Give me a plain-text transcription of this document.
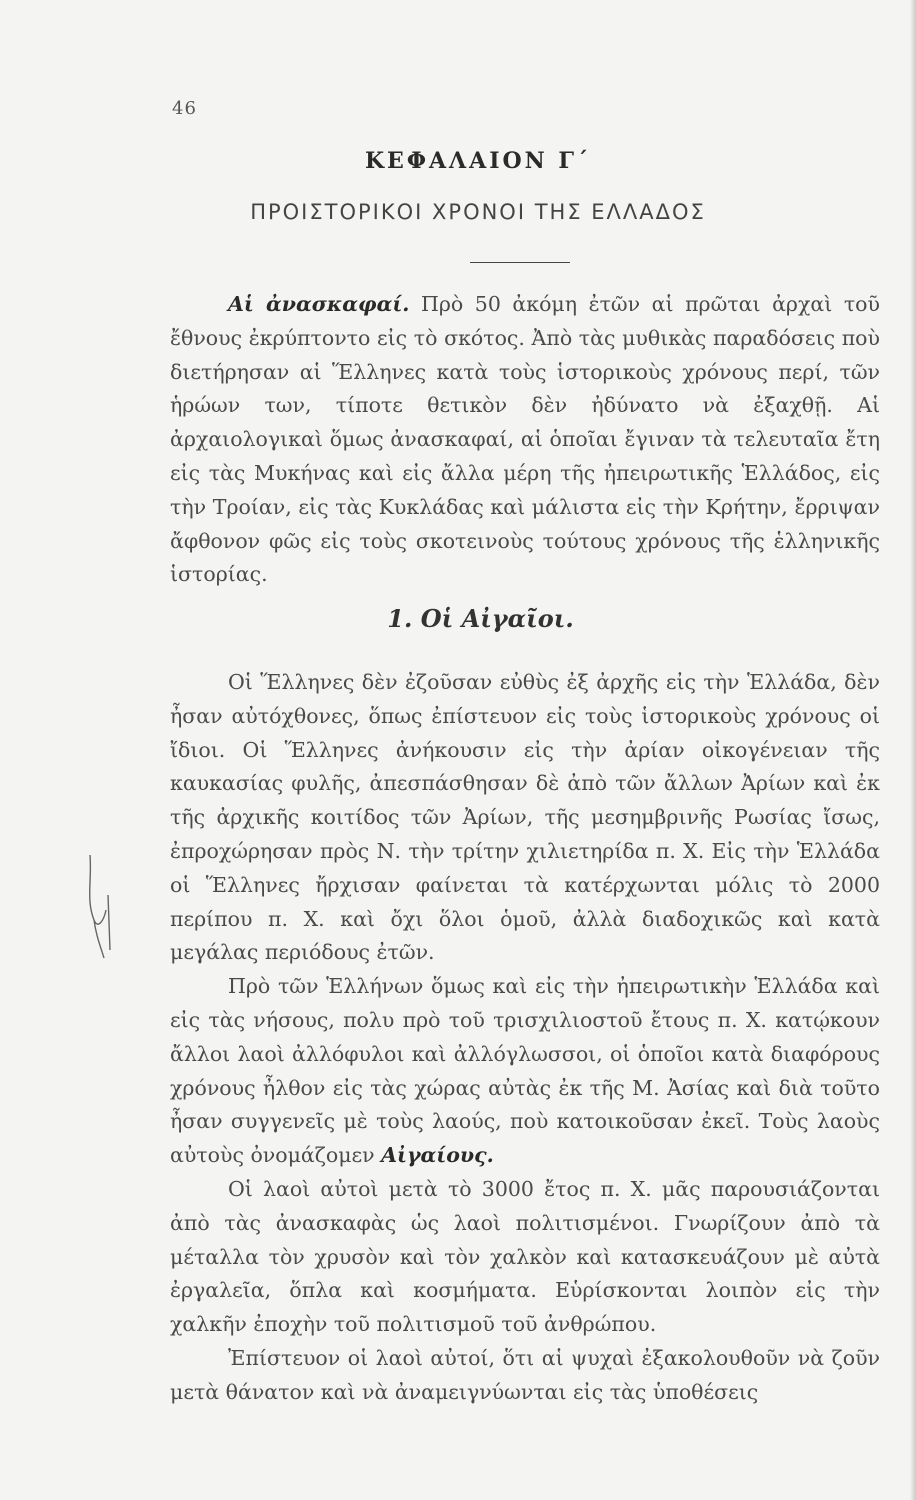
46
ΚΕΦΑΛΑΙΟΝ Γ΄
ΠΡΟΙΣΤΟΡΙΚΟΙ ΧΡΟΝΟΙ ΤΗΣ ΕΛΛΑΔΟΣ

Αἱ ἀνασκαφαί. Πρὸ 50 ἀκόμη ἐτῶν αἱ πρῶται ἀρχαὶ τοῦ ἔθνους ἐκρύπτοντο εἰς τὸ σκότος. Ἀπὸ τὰς μυθικὰς παραδόσεις ποὺ διετήρησαν αἱ Ἕλληνες κατὰ τοὺς ἱστορικοὺς χρόνους περί, τῶν ἡρώων των, τίποτε θετικὸν δὲν ἠδύνατο νὰ ἐξαχθῇ. Αἱ ἀρχαιολογικαὶ ὅμως ἀνασκαφαί, αἱ ὁποῖαι ἔγιναν τὰ τελευταῖα ἔτη εἰς τὰς Μυκήνας καὶ εἰς ἄλλα μέρη τῆς ἠπειρωτικῆς Ἑλλάδος, εἰς τὴν Τροίαν, εἰς τὰς Κυκλάδας καὶ μάλιστα εἰς τὴν Κρήτην, ἔρριψαν ἄφθονον φῶς εἰς τοὺς σκοτεινοὺς τούτους χρόνους τῆς ἑλληνικῆς ἱστορίας.

1. Οἱ Αἰγαῖοι.

Οἱ Ἕλληνες δὲν ἐζοῦσαν εὐθὺς ἐξ ἀρχῆς εἰς τὴν Ἑλλάδα, δὲν ἦσαν αὐτόχθονες, ὅπως ἐπίστευον εἰς τοὺς ἱστορικοὺς χρόνους οἱ ἴδιοι. Οἱ Ἕλληνες ἀνήκουσιν εἰς τὴν ἀρίαν οἰκογένειαν τῆς καυκασίας φυλῆς, ἀπεσπάσθησαν δὲ ἀπὸ τῶν ἄλλων Ἀρίων καὶ ἐκ τῆς ἀρχικῆς κοιτίδος τῶν Ἀρίων, τῆς μεσημβρινῆς Ρωσίας ἴσως, ἐπροχώρησαν πρὸς Ν. τὴν τρίτην χιλιετηρίδα π. Χ. Εἰς τὴν Ἑλλάδα οἱ Ἕλληνες ἤρχισαν φαίνεται τὰ κατέρχωνται μόλις τὸ 2000 περίπου π. Χ. καὶ ὄχι ὅλοι ὁμοῦ, ἀλλὰ διαδοχικῶς καὶ κατὰ μεγάλας περιόδους ἐτῶν.

Πρὸ τῶν Ἑλλήνων ὅμως καὶ εἰς τὴν ἠπειρωτικὴν Ἑλλάδα καὶ εἰς τὰς νήσους, πολυ πρὸ τοῦ τρισχιλιοστοῦ ἔτους π. Χ. κατῴκουν ἄλλοι λαοὶ ἀλλόφυλοι καὶ ἀλλόγλωσσοι, οἱ ὁποῖοι κατὰ διαφόρους χρόνους ἦλθον εἰς τὰς χώρας αὐτὰς ἐκ τῆς Μ. Ἀσίας καὶ διὰ τοῦτο ἦσαν συγγενεῖς μὲ τοὺς λαούς, ποὺ κατοικοῦσαν ἐκεῖ. Τοὺς λαοὺς αὐτοὺς ὀνομάζομεν Αἰγαίους.

Οἱ λαοὶ αὐτοὶ μετὰ τὸ 3000 ἔτος π. Χ. μᾶς παρουσιάζονται ἀπὸ τὰς ἀνασκαφὰς ὡς λαοὶ πολιτισμένοι. Γνωρίζουν ἀπὸ τὰ μέταλλα τὸν χρυσὸν καὶ τὸν χαλκὸν καὶ κατασκευάζουν μὲ αὐτὰ ἐργαλεῖα, ὅπλα καὶ κοσμήματα. Εὑρίσκονται λοιπὸν εἰς τὴν χαλκῆν ἐποχὴν τοῦ πολιτισμοῦ τοῦ ἀνθρώπου.

Ἐπίστευον οἱ λαοὶ αὐτοί, ὅτι αἱ ψυχαὶ ἐξακολουθοῦν νὰ ζοῦν μετὰ θάνατον καὶ νὰ ἀναμειγνύωνται εἰς τὰς ὑποθέσεις
